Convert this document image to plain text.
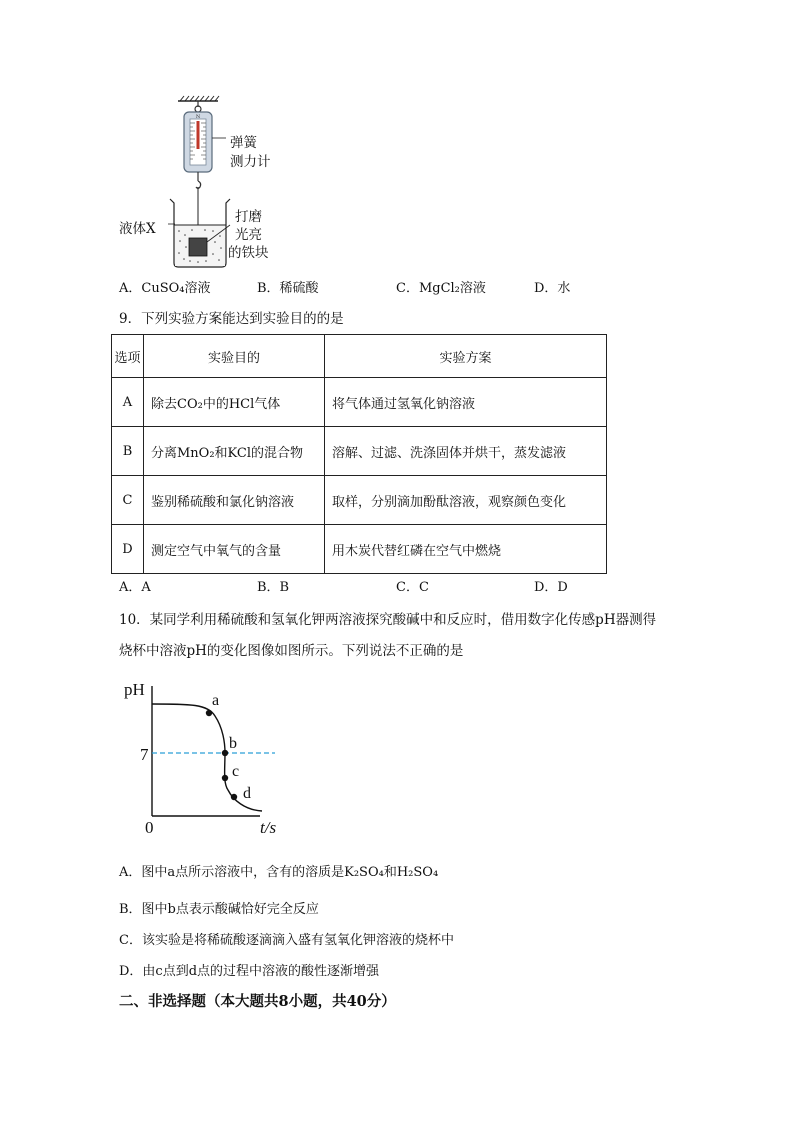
N
弹簧
测力计
液体X
打磨
光亮
的铁块
A．CuSO₄溶液	B．稀硫酸	C．MgCl₂溶液	D．水
9．下列实验方案能达到实验目的的是
选项	实验目的	实验方案
A	除去CO₂中的HCl气体	将气体通过氢氧化钠溶液
B	分离MnO₂和KCl的混合物	溶解、过滤、洗涤固体并烘干，蒸发滤液
C	鉴别稀硫酸和氯化钠溶液	取样，分别滴加酚酞溶液，观察颜色变化
D	测定空气中氧气的含量	用木炭代替红磷在空气中燃烧
A．A	B．B	C．C	D．D
10．某同学利用稀硫酸和氢氧化钾两溶液探究酸碱中和反应时，借用数字化传感pH器测得
烧杯中溶液pH的变化图像如图所示。下列说法不正确的是
pH
7
0	t/s
a
b
c
d
A．图中a点所示溶液中，含有的溶质是K₂SO₄和H₂SO₄
B．图中b点表示酸碱恰好完全反应
C．该实验是将稀硫酸逐滴滴入盛有氢氧化钾溶液的烧杯中
D．由c点到d点的过程中溶液的酸性逐渐增强
二、非选择题（本大题共8小题，共40分）
